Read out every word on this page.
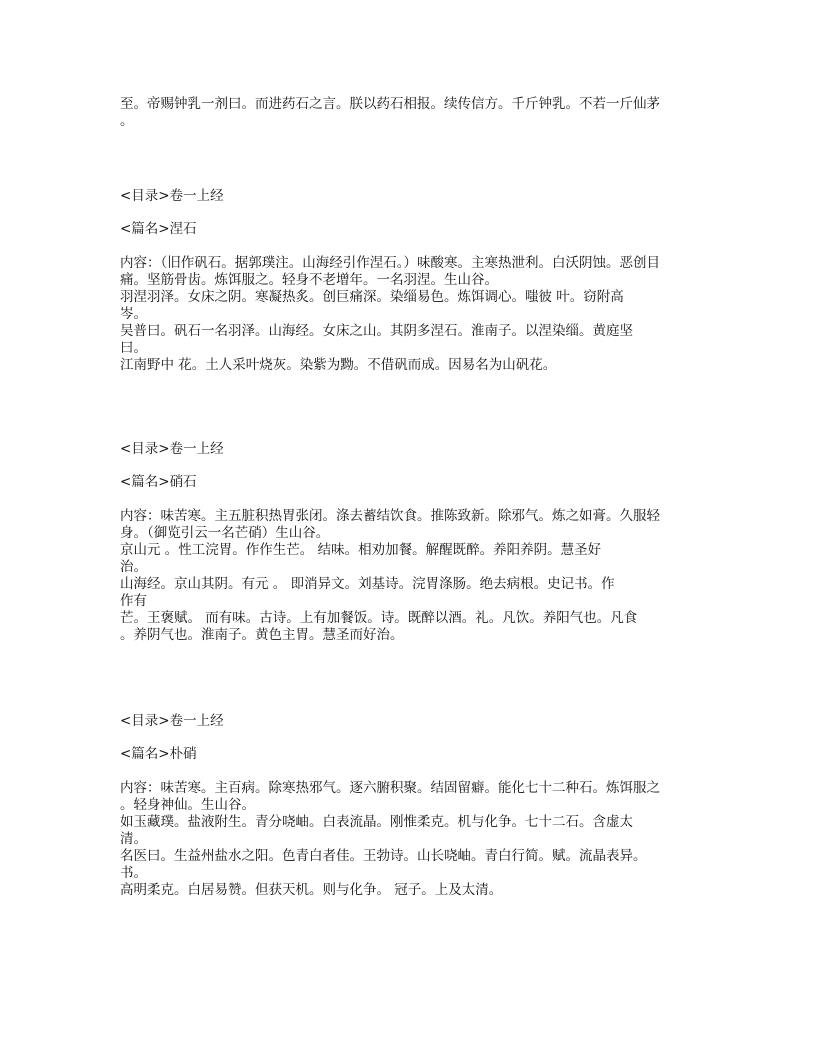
至。帝赐钟乳一剂曰。而进药石之言。朕以药石相报。续传信方。千斤钟乳。不若一斤仙茅
。
<目录>卷一上经
<篇名>涅石
内容：（旧作矾石。据郭璞注。山海经引作涅石。）味酸寒。主寒热泄利。白沃阴蚀。恶创目
痛。坚筋骨齿。炼饵服之。轻身不老增年。一名羽涅。生山谷。
羽涅羽泽。女床之阴。寒凝热炙。创巨痛深。染缁易色。炼饵调心。嗤彼 叶。窃附高
岑。
吴普曰。矾石一名羽泽。山海经。女床之山。其阴多涅石。淮南子。以涅染缁。黄庭坚
曰。
江南野中 花。土人采叶烧灰。染紫为黝。不借矾而成。因易名为山矾花。
<目录>卷一上经
<篇名>硝石
内容：味苦寒。主五脏积热胃张闭。涤去蓄结饮食。推陈致新。除邪气。炼之如膏。久服轻
身。（御览引云一名芒硝）生山谷。
京山元 。性工浣胃。作作生芒。 结味。相劝加餐。解醒既醉。养阳养阴。慧圣好
治。
山海经。京山其阴。有元 。 即消异文。刘基诗。浣胃涤肠。绝去病根。史记书。作
作有
芒。王褒赋。 而有味。古诗。上有加餐饭。诗。既醉以酒。礼。凡饮。养阳气也。凡食
。养阴气也。淮南子。黄色主胃。慧圣而好治。
<目录>卷一上经
<篇名>朴硝
内容：味苦寒。主百病。除寒热邪气。逐六腑积聚。结固留癖。能化七十二种石。炼饵服之
。轻身神仙。生山谷。
如玉藏璞。盐液附生。青分哓岫。白表流晶。刚惟柔克。机与化争。七十二石。含虚太
清。
名医曰。生益州盐水之阳。色青白者佳。王勃诗。山长哓岫。青白行简。赋。流晶表异。
书。
高明柔克。白居易赞。但获天机。则与化争。 冠子。上及太清。
